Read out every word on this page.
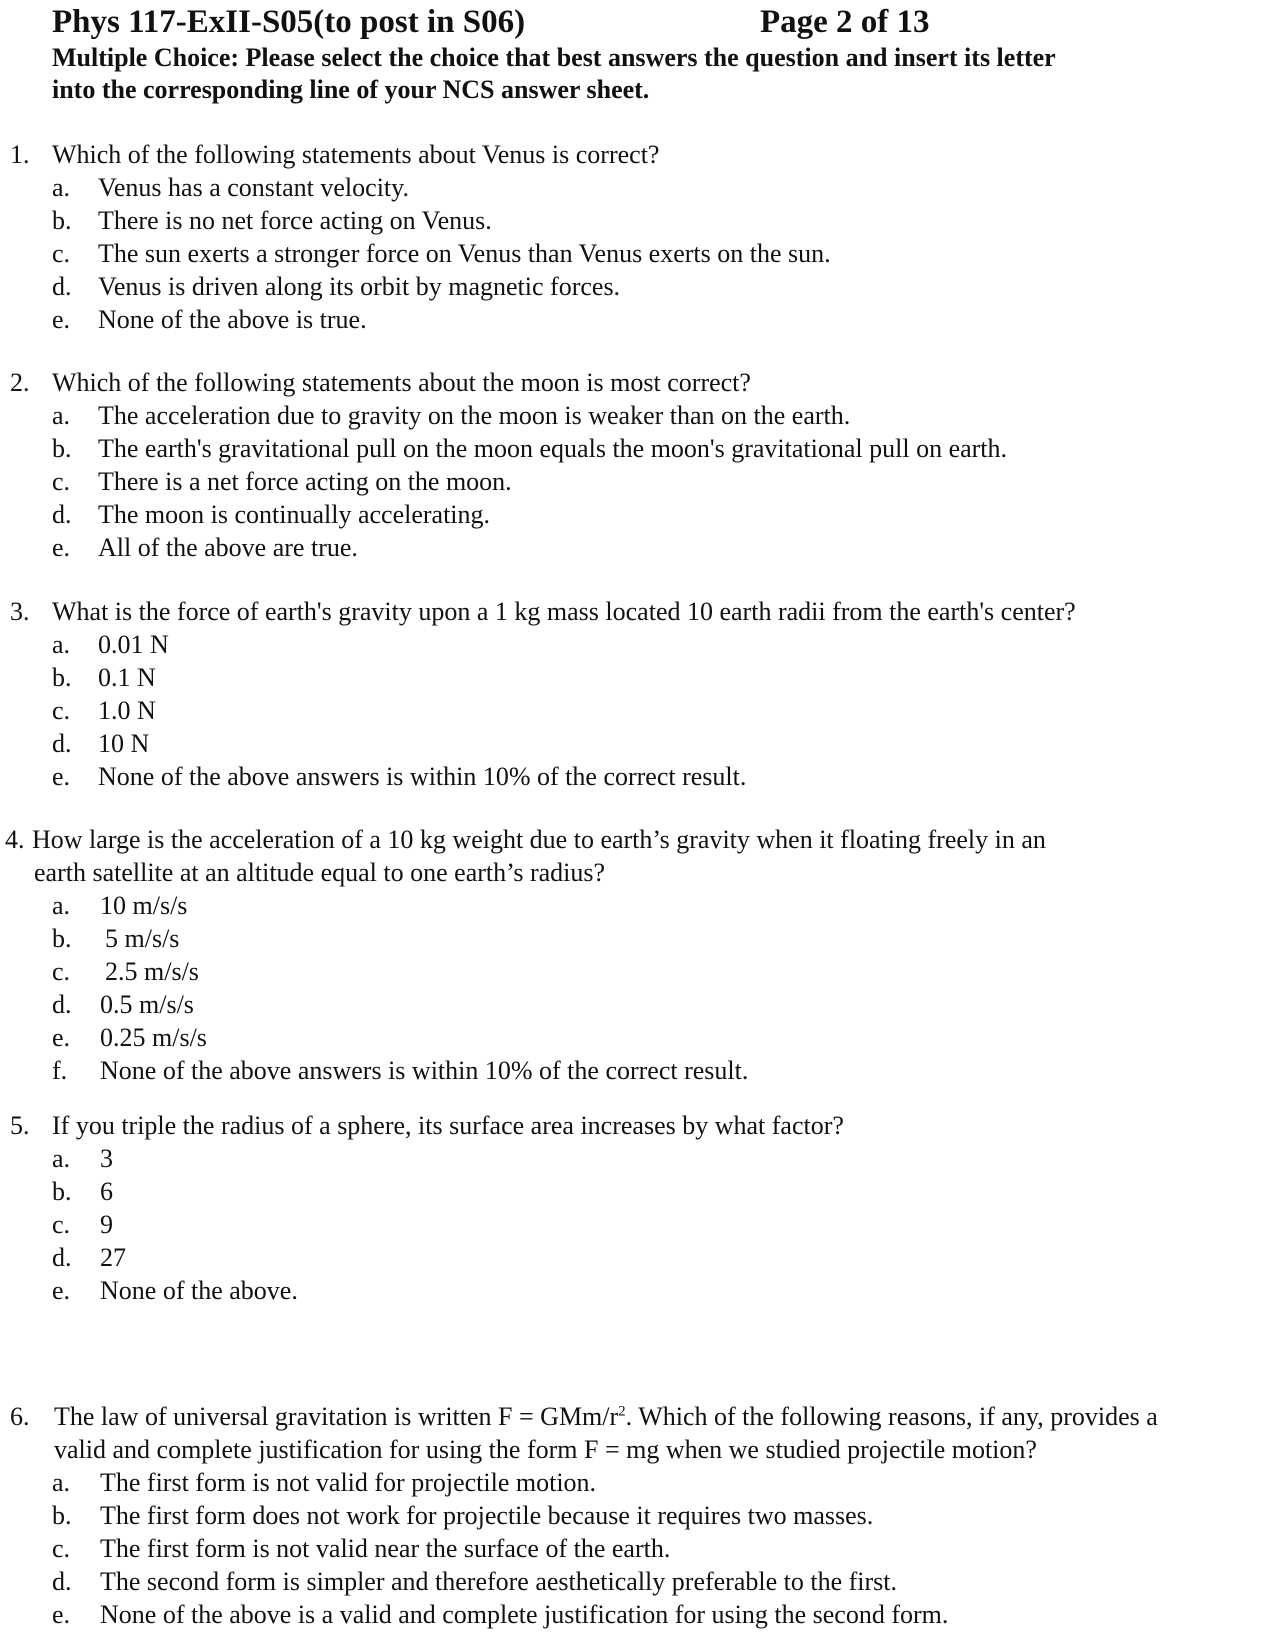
Phys 117-ExII-S05(to post in S06)	Page 2 of 13
Multiple Choice: Please select the choice that best answers the question and insert its letter
into the corresponding line of your NCS answer sheet.
1. Which of the following statements about Venus is correct?
a. Venus has a constant velocity.
b. There is no net force acting on Venus.
c. The sun exerts a stronger force on Venus than Venus exerts on the sun.
d. Venus is driven along its orbit by magnetic forces.
e. None of the above is true.
2. Which of the following statements about the moon is most correct?
a. The acceleration due to gravity on the moon is weaker than on the earth.
b. The earth's gravitational pull on the moon equals the moon's gravitational pull on earth.
c. There is a net force acting on the moon.
d. The moon is continually accelerating.
e. All of the above are true.
3. What is the force of earth's gravity upon a 1 kg mass located 10 earth radii from the earth's center?
a. 0.01 N
b. 0.1 N
c. 1.0 N
d. 10 N
e. None of the above answers is within 10% of the correct result.
4. How large is the acceleration of a 10 kg weight due to earth’s gravity when it floating freely in an
earth satellite at an altitude equal to one earth’s radius?
a. 10 m/s/s
b. 5 m/s/s
c. 2.5 m/s/s
d. 0.5 m/s/s
e. 0.25 m/s/s
f. None of the above answers is within 10% of the correct result.
5. If you triple the radius of a sphere, its surface area increases by what factor?
a. 3
b. 6
c. 9
d. 27
e. None of the above.
6. The law of universal gravitation is written F = GMm/$r^2$. Which of the following reasons, if any, provides a
valid and complete justification for using the form F = mg when we studied projectile motion?
a. The first form is not valid for projectile motion.
b. The first form does not work for projectile because it requires two masses.
c. The first form is not valid near the surface of the earth.
d. The second form is simpler and therefore aesthetically preferable to the first.
e. None of the above is a valid and complete justification for using the second form.
